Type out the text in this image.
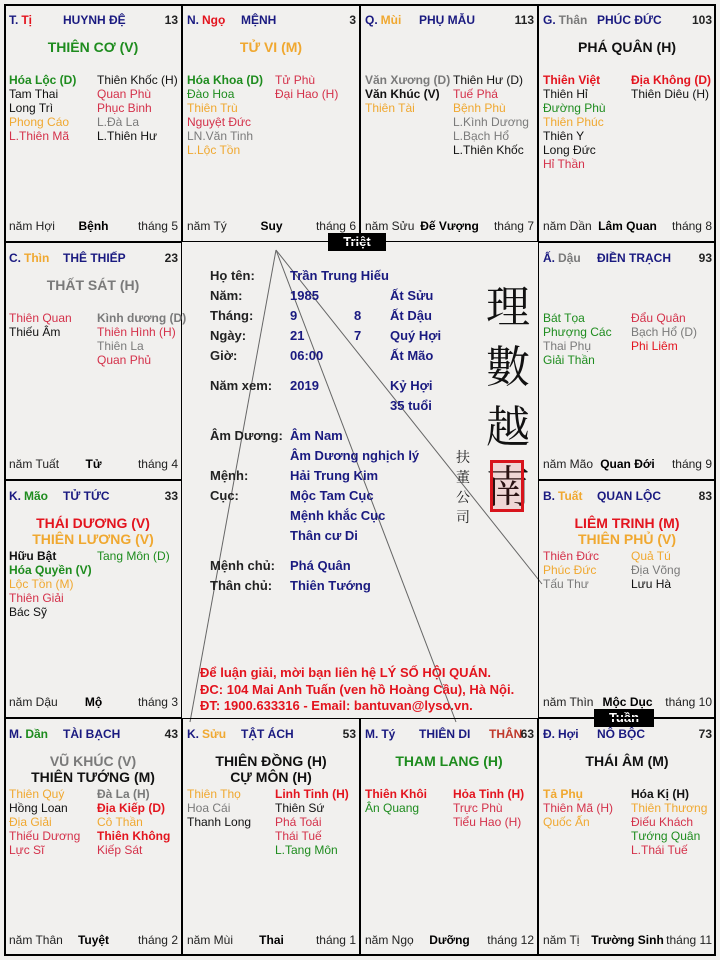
理
數
越
南
扶董公司
Họ tên:	Trần Trung Hiếu
Năm:	1985	Ất Sửu
Tháng:	9	8 Ất Dậu
Ngày:	21	7 Quý Hợi
Giờ:	06:00	Ất Mão
Năm xem: 2019	Kỷ Hợi
35 tuổi
Âm Dương: Âm Nam
Âm Dương nghịch lý
Mệnh:	Hải Trung Kim
Cục:	Mộc Tam Cục
Mệnh khắc Cục
Thân cư Di
Mệnh chủ: Phá Quân
Thân chủ: Thiên Tướng
Để luận giải, mời bạn liên hệ LÝ SỐ HỘI QUÁN.
ĐC: 104 Mai Anh Tuấn (ven hồ Hoàng Cầu), Hà Nội.
ĐT: 1900.633316 - Email: bantuvan@lyso.vn.
Triệt
Tuần
T. Tị	HUYNH ĐỆ	13
THIÊN CƠ (V)
Hóa Lộc (D)
Tam Thai
Long Trì
Phong Cáo
L.Thiên Mã
Thiên Khốc (H)
Quan Phù
Phục Binh
L.Đà La
L.Thiên Hư
năm Hợi	Bệnh	tháng 5
N. Ngọ MỆNH	3
TỬ VI (M)
Hóa Khoa (D)
Đào Hoa
Thiên Trù
Nguyệt Đức
LN.Văn Tinh
L.Lộc Tồn
Tử Phù
Đại Hao (H)
năm Tý	Suy	tháng 6
Q. Mùi PHỤ MẪU	113
Văn Xương (D)
Văn Khúc (V)
Thiên Tài
Thiên Hư (D)
Tuế Phá
Bệnh Phù
L.Kình Dương
L.Bạch Hổ
L.Thiên Khốc
năm Sửu Đế Vượng	tháng 7
G. Thân PHÚC ĐỨC	103
PHÁ QUÂN (H)
Thiên Việt
Thiên Hỉ
Đường Phù
Thiên Phúc
Thiên Y
Long Đức
Hỉ Thần
Địa Không (D)
Thiên Diêu (H)
năm Dần Lâm Quan	tháng 8
C. Thìn THÊ THIẾP	23
THẤT SÁT (H)
Thiên Quan
Thiếu Âm
Kình dương (D)
Thiên Hình (H)
Thiên La
Quan Phủ
năm Tuất	Tử	tháng 4
Ấ. Dậu ĐIỀN TRẠCH 93
Bát Tọa
Phượng Các
Thai Phụ
Giải Thần
Đẩu Quân
Bạch Hổ (D)
Phi Liêm
năm Mão Quan Đới	tháng 9
K. Mão TỬ TỨC	33
THÁI DƯƠNG (V)
THIÊN LƯƠNG (V)
Hữu Bật
Hóa Quyền (V)
Lộc Tồn (M)
Thiên Giải
Bác Sỹ
Tang Môn (D)
năm Dậu	Mộ	tháng 3
B. Tuất QUAN LỘC	83
LIÊM TRINH (M)
THIÊN PHỦ (V)
Thiên Đức
Phúc Đức
Tấu Thư
Quả Tú
Địa Võng
Lưu Hà
năm Thìn Mộc Dục	tháng 10
M. Dần TÀI BẠCH	43
VŨ KHÚC (V)
THIÊN TƯỚNG (M)
Thiên Quý
Hồng Loan
Địa Giải
Thiếu Dương
Lực Sĩ
Đà La (H)
Địa Kiếp (D)
Cô Thần
Thiên Không
Kiếp Sát
năm Thân	Tuyệt	tháng 2
K. Sửu TẬT ÁCH	53
THIÊN ĐỒNG (H)
CỰ MÔN (H)
Thiên Thọ
Hoa Cái
Thanh Long
Linh Tinh (H)
Thiên Sứ
Phá Toái
Thái Tuế
L.Tang Môn
năm Mùi	Thai	tháng 1
M. Tý THIÊN DI THÂN
63
THAM LANG (H)
Thiên Khôi
Ân Quang
Hỏa Tinh (H)
Trực Phù
Tiểu Hao (H)
năm Ngọ	Dưỡng	tháng 12
Đ. Hợi NÔ BỘC	73
THÁI ÂM (M)
Tả Phụ
Thiên Mã (H)
Quốc Ấn
Hóa Kị (H)
Thiên Thương
Điếu Khách
Tướng Quân
L.Thái Tuế
năm Tị Trường Sinh tháng 11
